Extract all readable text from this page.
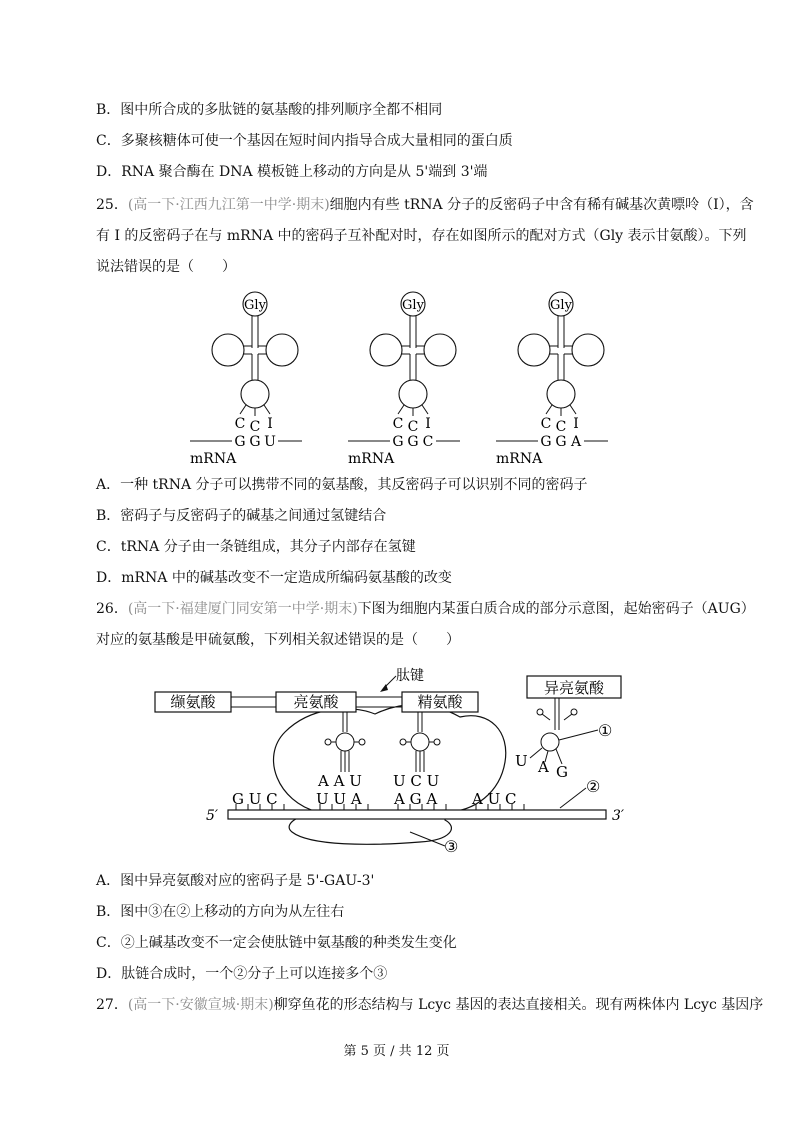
B．图中所合成的多肽链的氨基酸的排列顺序全都不相同
C．多聚核糖体可使一个基因在短时间内指导合成大量相同的蛋白质
D．RNA 聚合酶在 DNA 模板链上移动的方向是从 5'端到 3'端
25．(高一下·江西九江第一中学·期末)细胞内有些 tRNA 分子的反密码子中含有稀有碱基次黄嘌呤（I），含
有 I 的反密码子在与 mRNA 中的密码子互补配对时，存在如图所示的配对方式（Gly 表示甘氨酸）。下列
说法错误的是（　　）
Gly
C C I
G G U
mRNA
Gly
C C I
G G C
mRNA
Gly
C C I
G G A
mRNA
A．一种 tRNA 分子可以携带不同的氨基酸，其反密码子可以识别不同的密码子
B．密码子与反密码子的碱基之间通过氢键结合
C．tRNA 分子由一条链组成，其分子内部存在氢键
D．mRNA 中的碱基改变不一定造成所编码氨基酸的改变
26．(高一下·福建厦门同安第一中学·期末)下图为细胞内某蛋白质合成的部分示意图，起始密码子（AUG）
对应的氨基酸是甲硫氨酸，下列相关叙述错误的是（　　）
5′	3′
G U C	U U A A G A A U C
缬氨酸	亮氨酸	精氨酸
肽键
A A U U C U
异亮氨酸
U A G
①
②
③
A．图中异亮氨酸对应的密码子是 5'-GAU-3'
B．图中③在②上移动的方向为从左往右
C．②上碱基改变不一定会使肽链中氨基酸的种类发生变化
D．肽链合成时，一个②分子上可以连接多个③
27．(高一下·安徽宣城·期末)柳穿鱼花的形态结构与 Lcyc 基因的表达直接相关。现有两株体内 Lcyc 基因序
第 5 页 / 共 12 页
